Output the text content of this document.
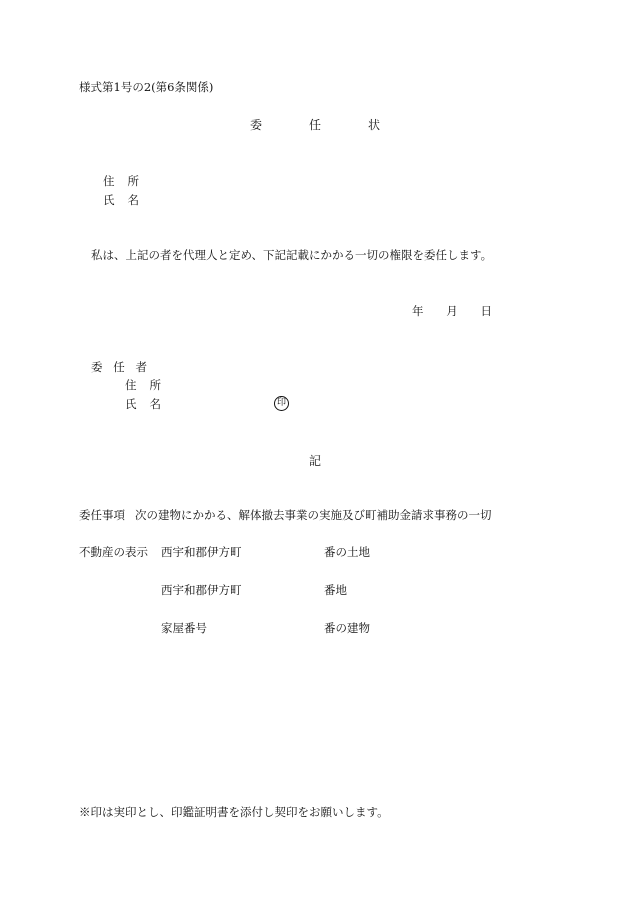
様式第1号の2(第6条関係)
委	任	状
住 所
氏 名
私は、上記の者を代理人と定め、下記記載にかかる一切の権限を委任します。
年 月 日
委 任 者
住 所
氏 名	印
記
委任事項 次の建物にかかる、解体撤去事業の実施及び町補助金請求事務の一切
不動産の表示 西宇和郡伊方町	番の土地
西宇和郡伊方町	番地
家屋番号	番の建物
※印は実印とし、印鑑証明書を添付し契印をお願いします。
